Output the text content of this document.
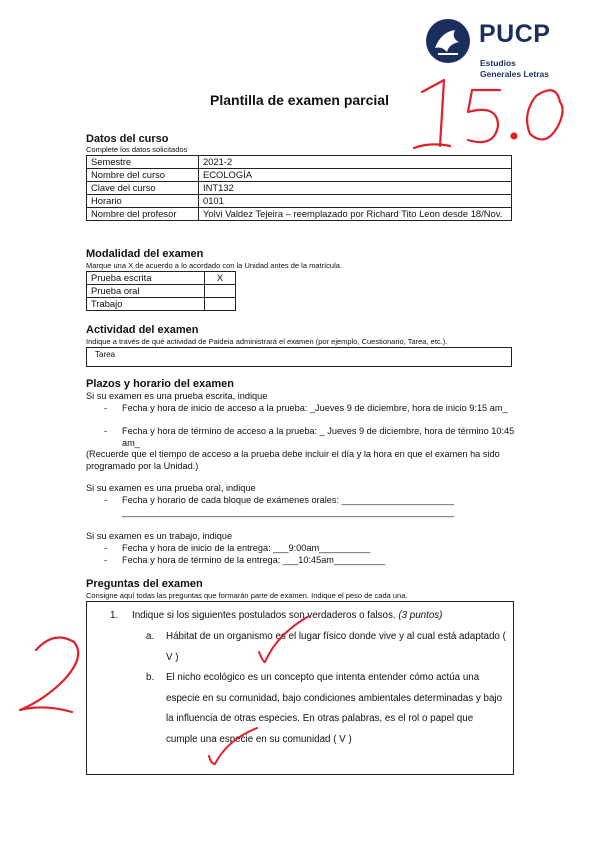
PUCP
Estudios
Generales Letras
Plantilla de examen parcial
Datos del curso
Complete los datos solicitados
Semestre	2021-2
Nombre del curso	ECOLOGÍA
Clave del curso	INT132
Horario	0101
Nombre del profesor	Yolvi Valdez Tejeira – reemplazado por Richard Tito Leon desde 18/Nov.
Modalidad del examen
Marque una X de acuerdo a lo acordado con la Unidad antes de la matrícula.
Prueba escrita	X
Prueba oral	
Trabajo	
Actividad del examen
Indique a través de qué actividad de Paideia administrará el examen (por ejemplo, Cuestionario, Tarea, etc.).
Tarea
Plazos y horario del examen
Si su examen es una prueba escrita, indique
- Fecha y hora de inicio de acceso a la prueba: _Jueves 9 de diciembre, hora de inicio 9:15 am_
- Fecha y hora de término de acceso a la prueba: _ Jueves 9 de diciembre, hora de término 10:45 am_
(Recuerde que el tiempo de acceso a la prueba debe incluir el día y la hora en que el examen ha sido programado por la Unidad.)
Si su examen es una prueba oral, indique
- Fecha y horario de cada bloque de exámenes orales: ______________________
_________________________________________________________________
Si su examen es un trabajo, indique
- Fecha y hora de inicio de la entrega: ___9:00am__________
- Fecha y hora de término de la entrega: ___10:45am__________
Preguntas del examen
Consigne aquí todas las preguntas que formarán parte de examen. Indique el peso de cada una.
1. Indique si los siguientes postulados son verdaderos o falsos. (3 puntos)
a. Hábitat de un organismo es el lugar físico donde vive y al cual está adaptado ( V )
b. El nicho ecológico es un concepto que intenta entender cómo actúa una especie en su comunidad, bajo condiciones ambientales determinadas y bajo la influencia de otras especies. En otras palabras, es el rol o papel que cumple una especie en su comunidad ( V )
